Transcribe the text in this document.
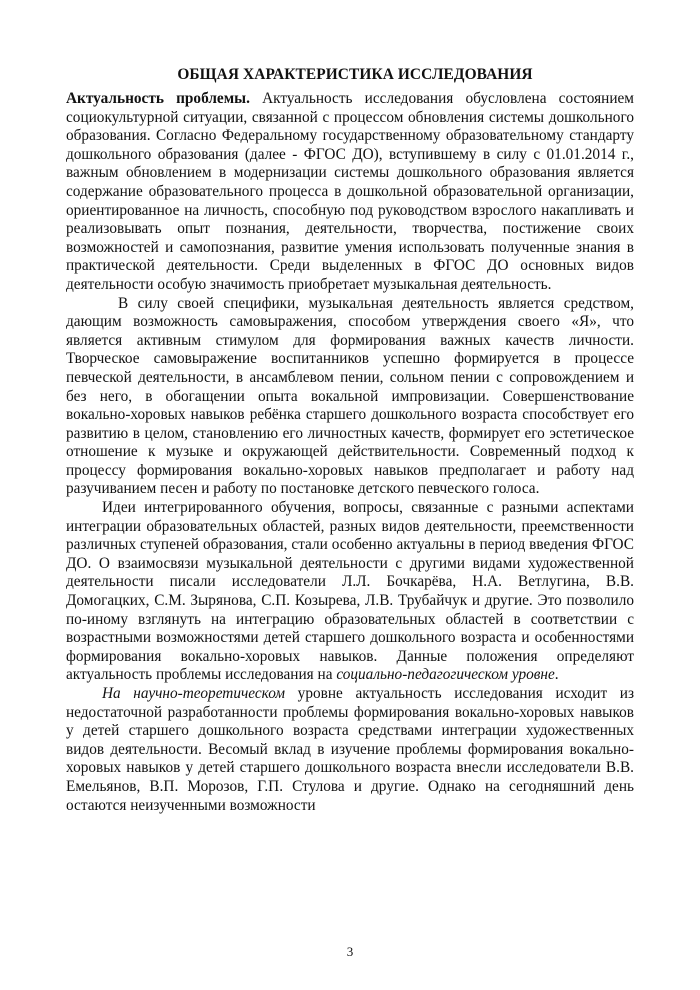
ОБЩАЯ ХАРАКТЕРИСТИКА ИССЛЕДОВАНИЯ

Актуальность проблемы. Актуальность исследования обусловлена состоянием социокультурной ситуации, связанной с процессом обновления системы дошкольного образования. Согласно Федеральному государственному образовательному стандарту дошкольного образования (далее - ФГОС ДО), вступившему в силу с 01.01.2014 г., важным обновлением в модернизации системы дошкольного образования является содержание образовательного процесса в дошкольной образовательной организации, ориентированное на личность, способную под руководством взрослого накапливать и реализовывать опыт познания, деятельности, творчества, постижение своих возможностей и самопознания, развитие умения использовать полученные знания в практической деятельности. Среди выделенных в ФГОС ДО основных видов деятельности особую значимость приобретает музыкальная деятельность.

В силу своей специфики, музыкальная деятельность является средством, дающим возможность самовыражения, способом утверждения своего «Я», что является активным стимулом для формирования важных качеств личности. Творческое самовыражение воспитанников успешно формируется в процессе певческой деятельности, в ансамблевом пении, сольном пении с сопровождением и без него, в обогащении опыта вокальной импровизации. Совершенствование вокально-хоровых навыков ребёнка старшего дошкольного возраста способствует его развитию в целом, становлению его личностных качеств, формирует его эстетическое отношение к музыке и окружающей действительности. Современный подход к процессу формирования вокально-хоровых навыков предполагает и работу над разучиванием песен и работу по постановке детского певческого голоса.

Идеи интегрированного обучения, вопросы, связанные с разными аспектами интеграции образовательных областей, разных видов деятельности, преемственности различных ступеней образования, стали особенно актуальны в период введения ФГОС ДО. О взаимосвязи музыкальной деятельности с другими видами художественной деятельности писали исследователи Л.Л. Бочкарёва, Н.А. Ветлугина, В.В. Домогацких, С.М. Зырянова, С.П. Козырева, Л.В. Трубайчук и другие. Это позволило по-иному взглянуть на интеграцию образовательных областей в соответствии с возрастными возможностями детей старшего дошкольного возраста и особенностями формирования вокально-хоровых навыков. Данные положения определяют актуальность проблемы исследования на социально-педагогическом уровне.

На научно-теоретическом уровне актуальность исследования исходит из недостаточной разработанности проблемы формирования вокально-хоровых навыков у детей старшего дошкольного возраста средствами интеграции художественных видов деятельности. Весомый вклад в изучение проблемы формирования вокально-хоровых навыков у детей старшего дошкольного возраста внесли исследователи В.В. Емельянов, В.П. Морозов, Г.П. Стулова и другие. Однако на сегодняшний день остаются неизученными возможности

3
